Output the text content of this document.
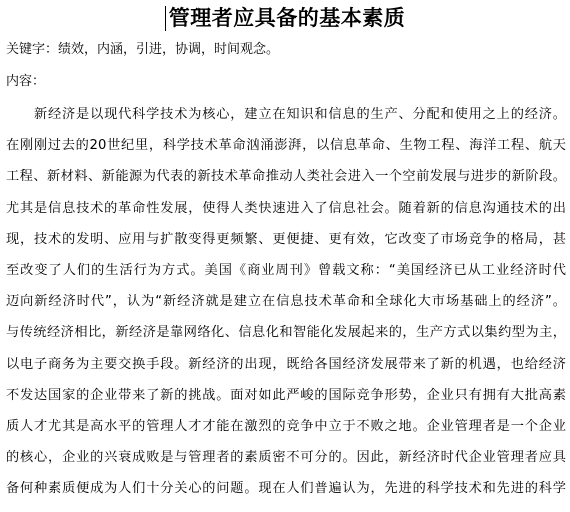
管理者应具备的基本素质
关键字：绩效，内涵，引进，协调，时间观念。
内容：
新经济是以现代科学技术为核心，建立在知识和信息的生产、分配和使用之上的经济。
在刚刚过去的20世纪里，科学技术革命汹涌澎湃，以信息革命、生物工程、海洋工程、航天
工程、新材料、新能源为代表的新技术革命推动人类社会进入一个空前发展与进步的新阶段。
尤其是信息技术的革命性发展，使得人类快速进入了信息社会。随着新的信息沟通技术的出
现，技术的发明、应用与扩散变得更频繁、更便捷、更有效，它改变了市场竞争的格局，甚
至改变了人们的生活行为方式。美国《商业周刊》曾载文称：“美国经济已从工业经济时代
迈向新经济时代”，认为“新经济就是建立在信息技术革命和全球化大市场基础上的经济”。
与传统经济相比，新经济是靠网络化、信息化和智能化发展起来的，生产方式以集约型为主，
以电子商务为主要交换手段。新经济的出现，既给各国经济发展带来了新的机遇，也给经济
不发达国家的企业带来了新的挑战。面对如此严峻的国际竞争形势，企业只有拥有大批高素
质人才尤其是高水平的管理人才才能在激烈的竞争中立于不败之地。企业管理者是一个企业
的核心，企业的兴衰成败是与管理者的素质密不可分的。因此，新经济时代企业管理者应具
备何种素质便成为人们十分关心的问题。现在人们普遍认为，先进的科学技术和先进的科学
